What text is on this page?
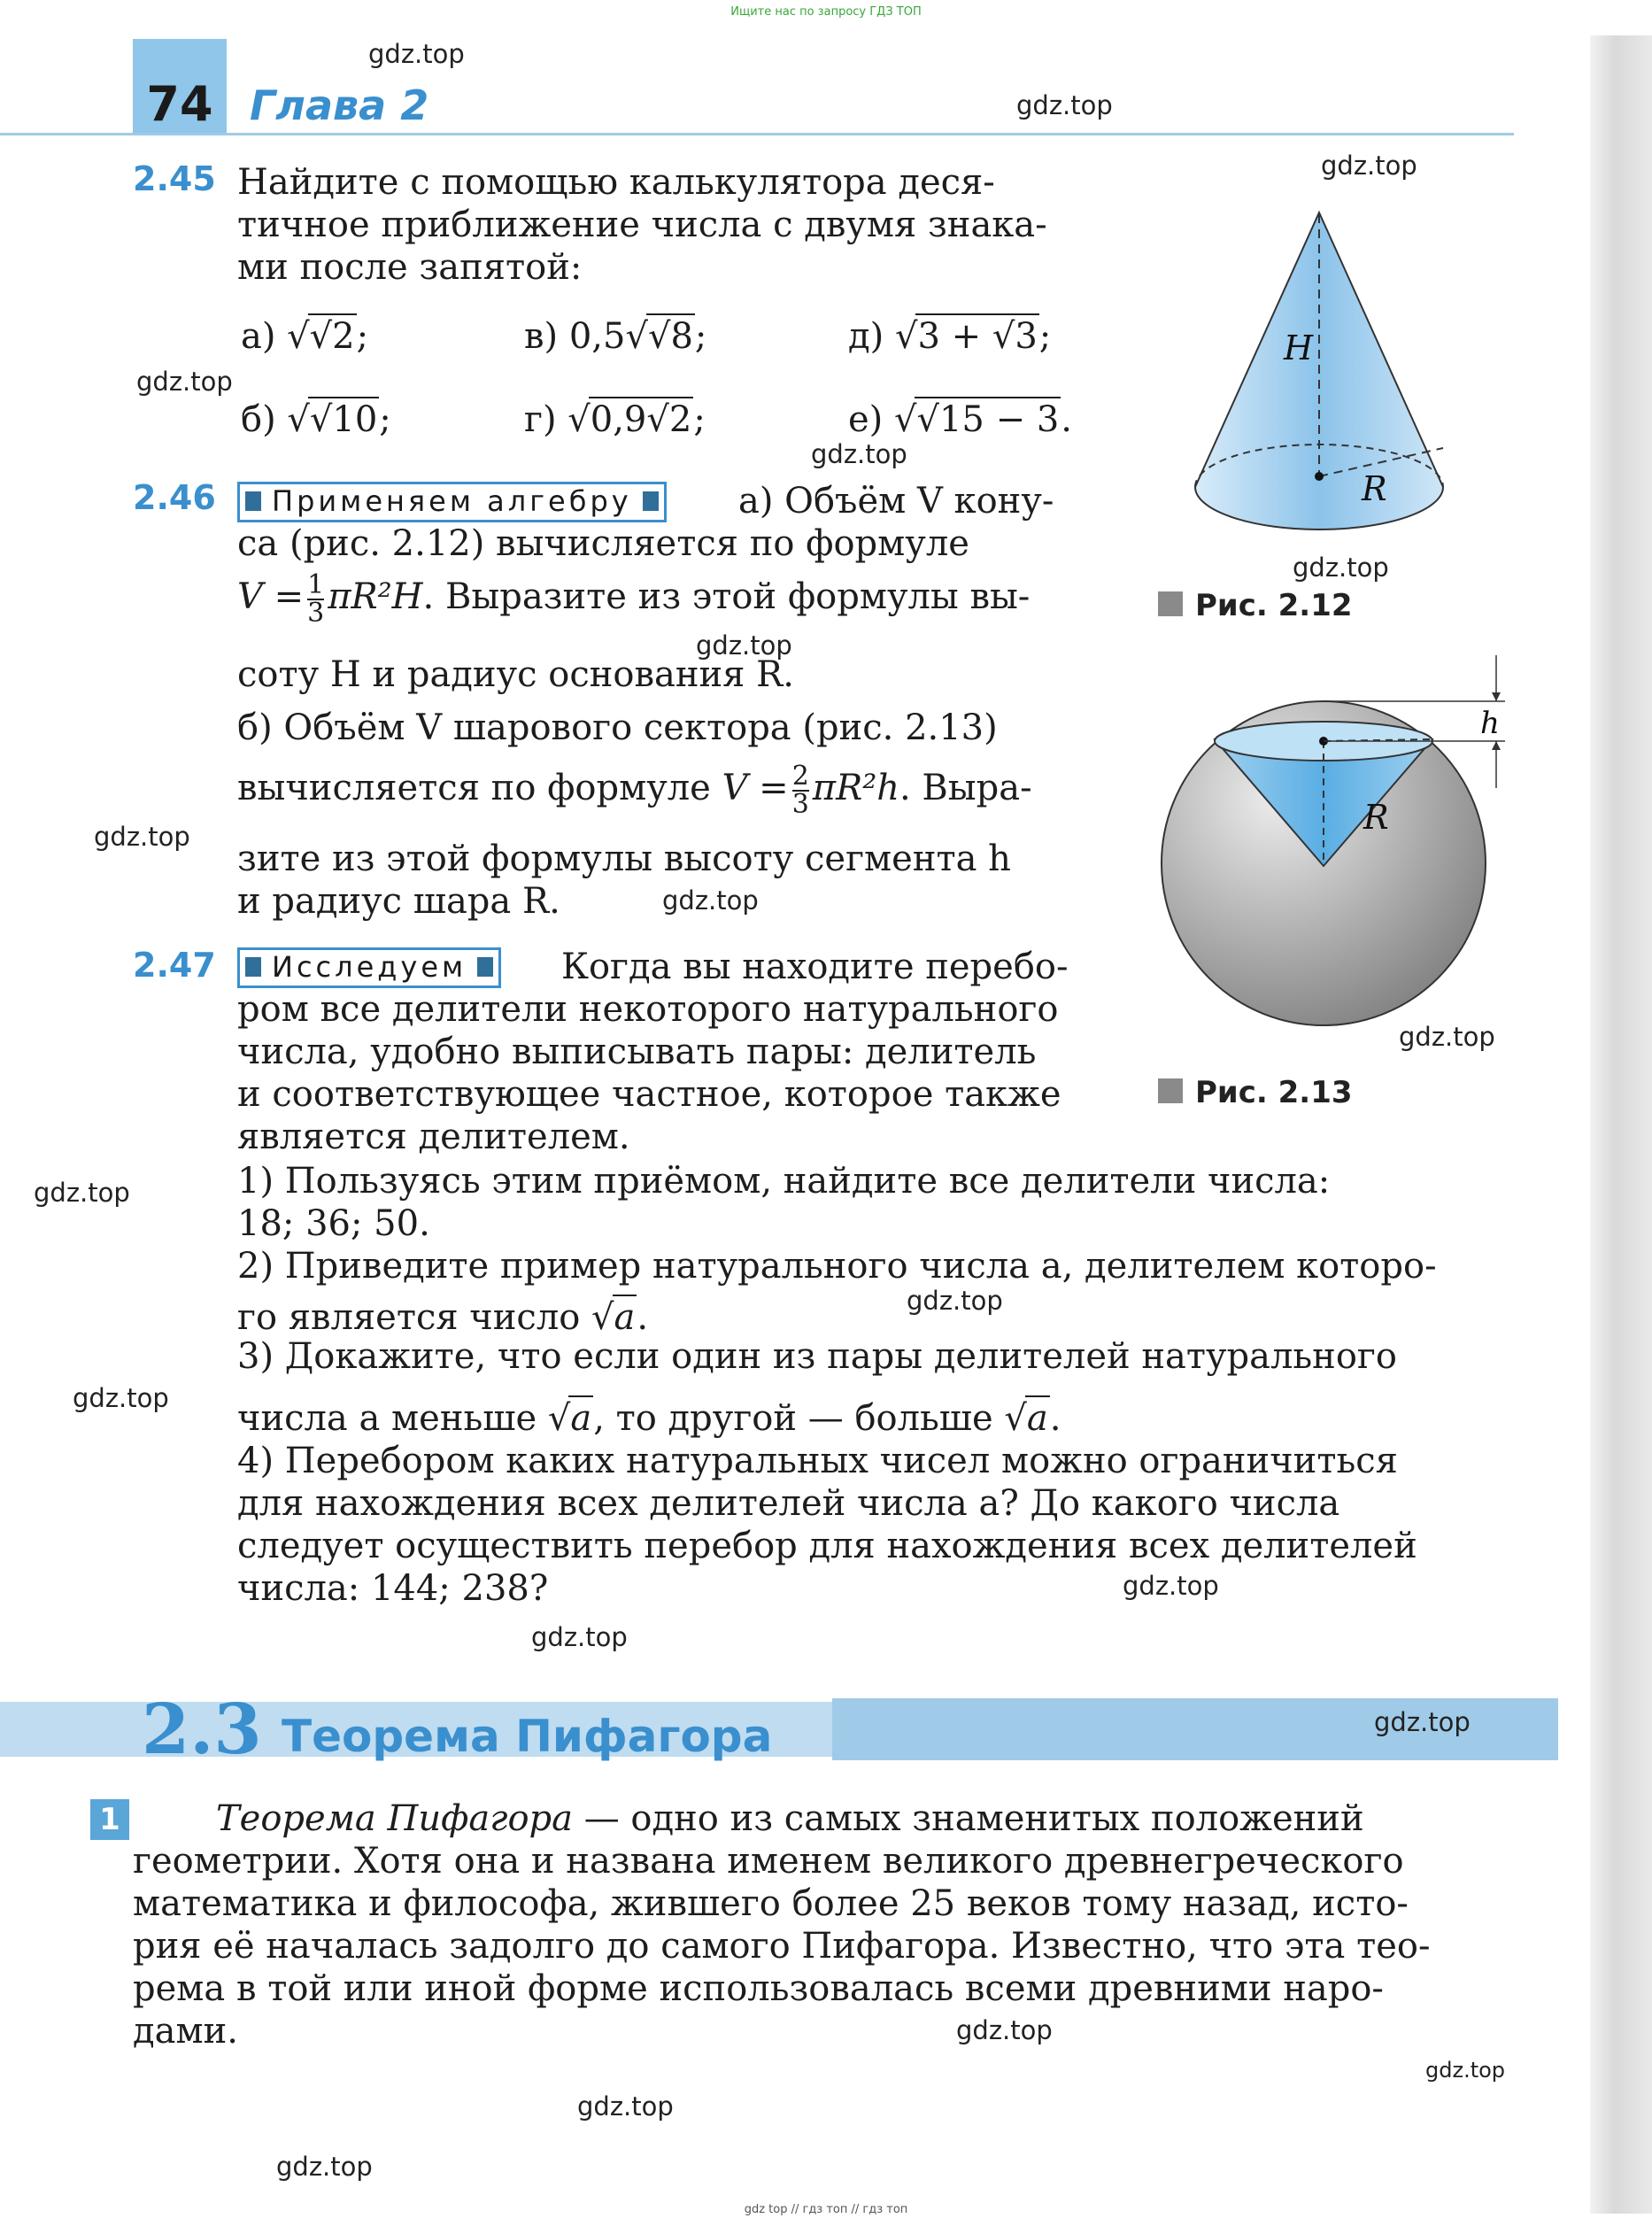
Ищите нас по запросу ГДЗ ТОП
74 Глава 2
2.45 Найдите с помощью калькулятора деся-
тичное приближение числа с двумя знака-
ми после запятой:
а) √√2;	в) 0,5√√8;	д) √3 + √3;
б) √√10;	г) √0,9√2;	е) √√15 − 3.
2.46	Применяем алгебру	а) Объём V кону-
са (рис. 2.12) вычисляется по формуле
$V = \frac{1}{3} \pi R^2H$. Выразите из этой формулы вы-
соту H и радиус основания R.
б) Объём V шарового сектора (рис. 2.13)
вычисляется по формуле $V = \frac{2}{3} \pi R^2h$. Выра-
зите из этой формулы высоту сегмента h
и радиус шара R.
2.47	Исследуем	Когда вы находите перебо-
ром все делители некоторого натурального
числа, удобно выписывать пары: делитель
и соответствующее частное, которое также
является делителем.
1) Пользуясь этим приёмом, найдите все делители числа:
18; 36; 50.
2) Приведите пример натурального числа a, делителем которо-
го является число √a.
3) Докажите, что если один из пары делителей натурального
числа a меньше √a, то другой — больше √a.
4) Перебором каких натуральных чисел можно ограничиться
для нахождения всех делителей числа a? До какого числа
следует осуществить перебор для нахождения всех делителей
числа: 144; 238?
H
R
Рис. 2.12
h
R
Рис. 2.13
2.3 Теорема Пифагора
1	Теорема Пифагора — одно из самых знаменитых положений
геометрии. Хотя она и названа именем великого древнегреческого
математика и философа, жившего более 25 веков тому назад, исто-
рия её началась задолго до самого Пифагора. Известно, что эта тео-
рема в той или иной форме использовалась всеми древними наро-
дами.
gdz.top
gdz.top
gdz.top
gdz.top
gdz.top
gdz.top
gdz.top
gdz.top
gdz.top
gdz.top
gdz.top
gdz.top
gdz.top
gdz.top
gdz.top
gdz.top
gdz.top
gdz.top
gdz.top
gdz.top
gdz top // гдз топ // гдз топ
